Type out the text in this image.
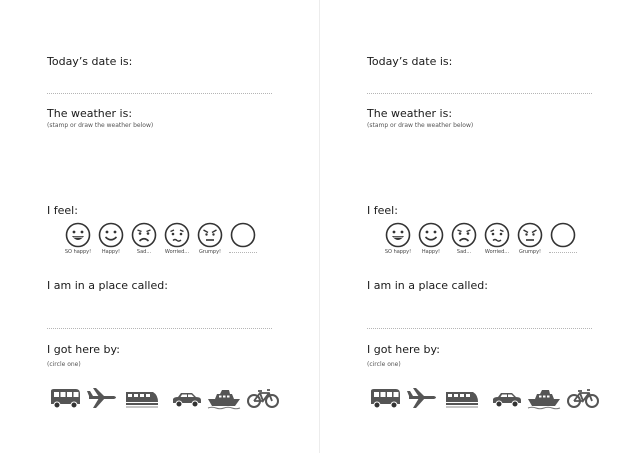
Today’s date is:
The weather is:
(stamp or draw the weather below)
I feel:
SO happy!	Happy!	Sad...	Worried...	Grumpy!
I am in a place called:
I got here by:
(circle one)
Today’s date is:
The weather is:
(stamp or draw the weather below)
I feel:
SO happy!	Happy!	Sad...	Worried...	Grumpy!
I am in a place called:
I got here by:
(circle one)
